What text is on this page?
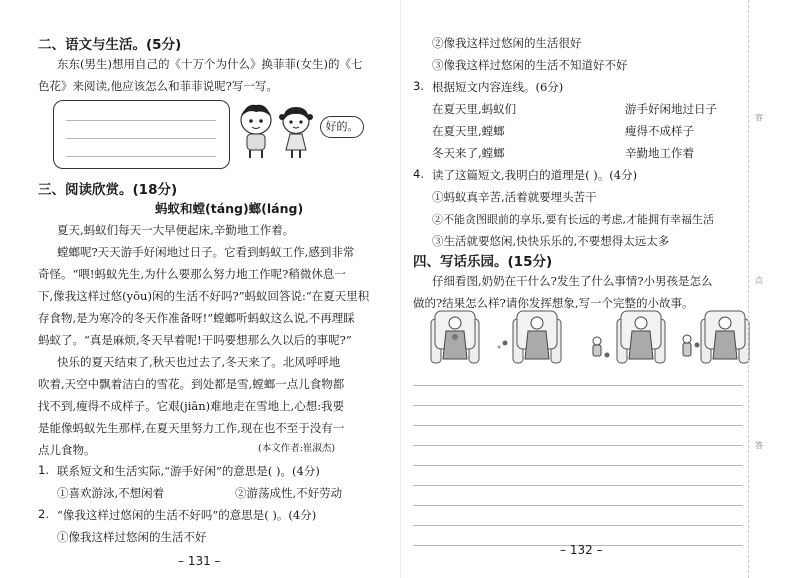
二、语文与生活。(5分)
东东(男生)想用自己的《十万个为什么》换菲菲(女生)的《七
色花》来阅读,他应该怎么和菲菲说呢?写一写。
好的。
三、阅读欣赏。(18分)
蚂蚁和螳(táng)螂(láng)
夏天,蚂蚁们每天一大早便起床,辛勤地工作着。
螳螂呢?天天游手好闲地过日子。它看到蚂蚁工作,感到非常
奇怪。“喂!蚂蚁先生,为什么要那么努力地工作呢?稍微休息一
下,像我这样过悠(yōu)闲的生活不好吗?”蚂蚁回答说:“在夏天里积
存食物,是为寒冷的冬天作准备呀!”螳螂听蚂蚁这么说,不再理睬
蚂蚁了。“真是麻烦,冬天早着呢!干吗要想那么久以后的事呢?”
快乐的夏天结束了,秋天也过去了,冬天来了。北风呼呼地
吹着,天空中飘着洁白的雪花。到处都是雪,螳螂一点儿食物都
找不到,瘦得不成样子。它艰(jiān)难地走在雪地上,心想:我要
是能像蚂蚁先生那样,在夏天里努力工作,现在也不至于没有一
点儿食物。	(本文作者:崔淑杰)
1. 联系短文和生活实际,“游手好闲”的意思是( )。(4分)
①喜欢游泳,不想闲着	②游荡成性,不好劳动
2. “像我这样过悠闲的生活不好吗”的意思是( )。(4分)
①像我这样过悠闲的生活不好
– 131 –
②像我这样过悠闲的生活很好
③像我这样过悠闲的生活不知道好不好
3. 根据短文内容连线。(6分)
在夏天里,蚂蚁们	游手好闲地过日子
在夏天里,螳螂	瘦得不成样子
冬天来了,螳螂	辛勤地工作着
4. 读了这篇短文,我明白的道理是( )。(4分)
①蚂蚁真辛苦,活着就要埋头苦干
②不能贪图眼前的享乐,要有长远的考虑,才能拥有幸福生活
③生活就要悠闲,快快乐乐的,不要想得太远太多
四、写话乐园。(15分)
仔细看图,奶奶在干什么?发生了什么事情?小男孩是怎么
做的?结果怎么样?请你发挥想象,写一个完整的小故事。
– 132 –
容
点
答
